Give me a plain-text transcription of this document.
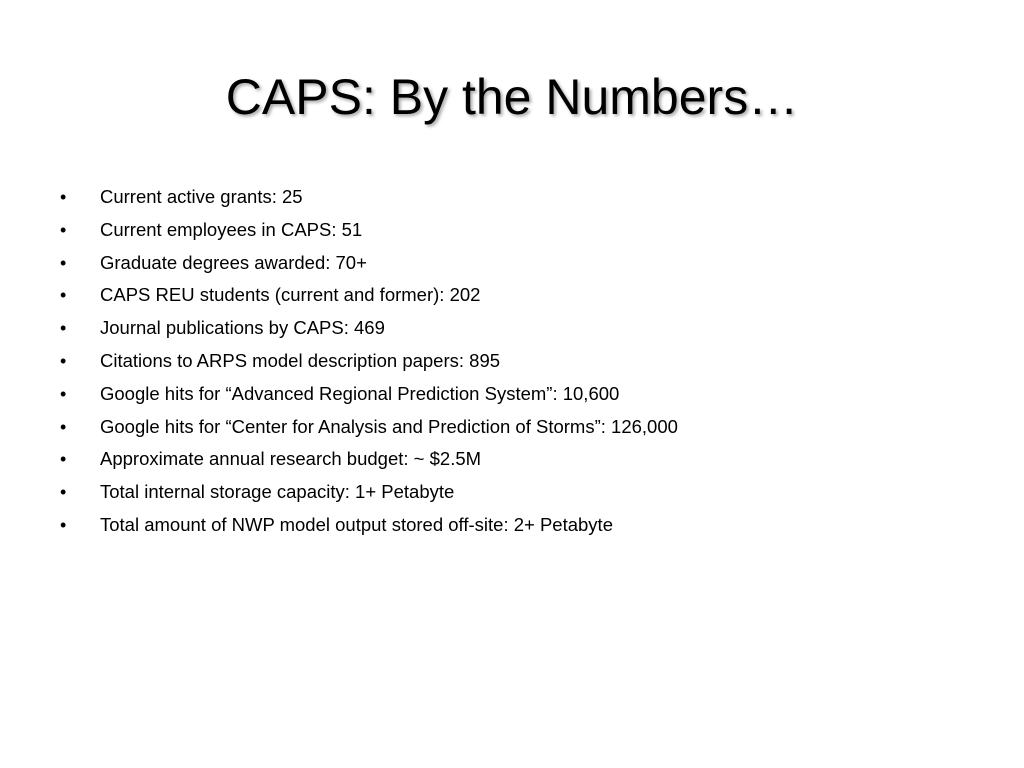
CAPS: By the Numbers…
•	Current active grants: 25
•	Current employees in CAPS: 51
•	Graduate degrees awarded: 70+
•	CAPS REU students (current and former): 202
•	Journal publications by CAPS: 469
•	Citations to ARPS model description papers: 895
•	Google hits for “Advanced Regional Prediction System”: 10,600
•	Google hits for “Center for Analysis and Prediction of Storms”: 126,000
•	Approximate annual research budget: ~ $2.5M
•	Total internal storage capacity: 1+ Petabyte
•	Total amount of NWP model output stored off-site: 2+ Petabyte
